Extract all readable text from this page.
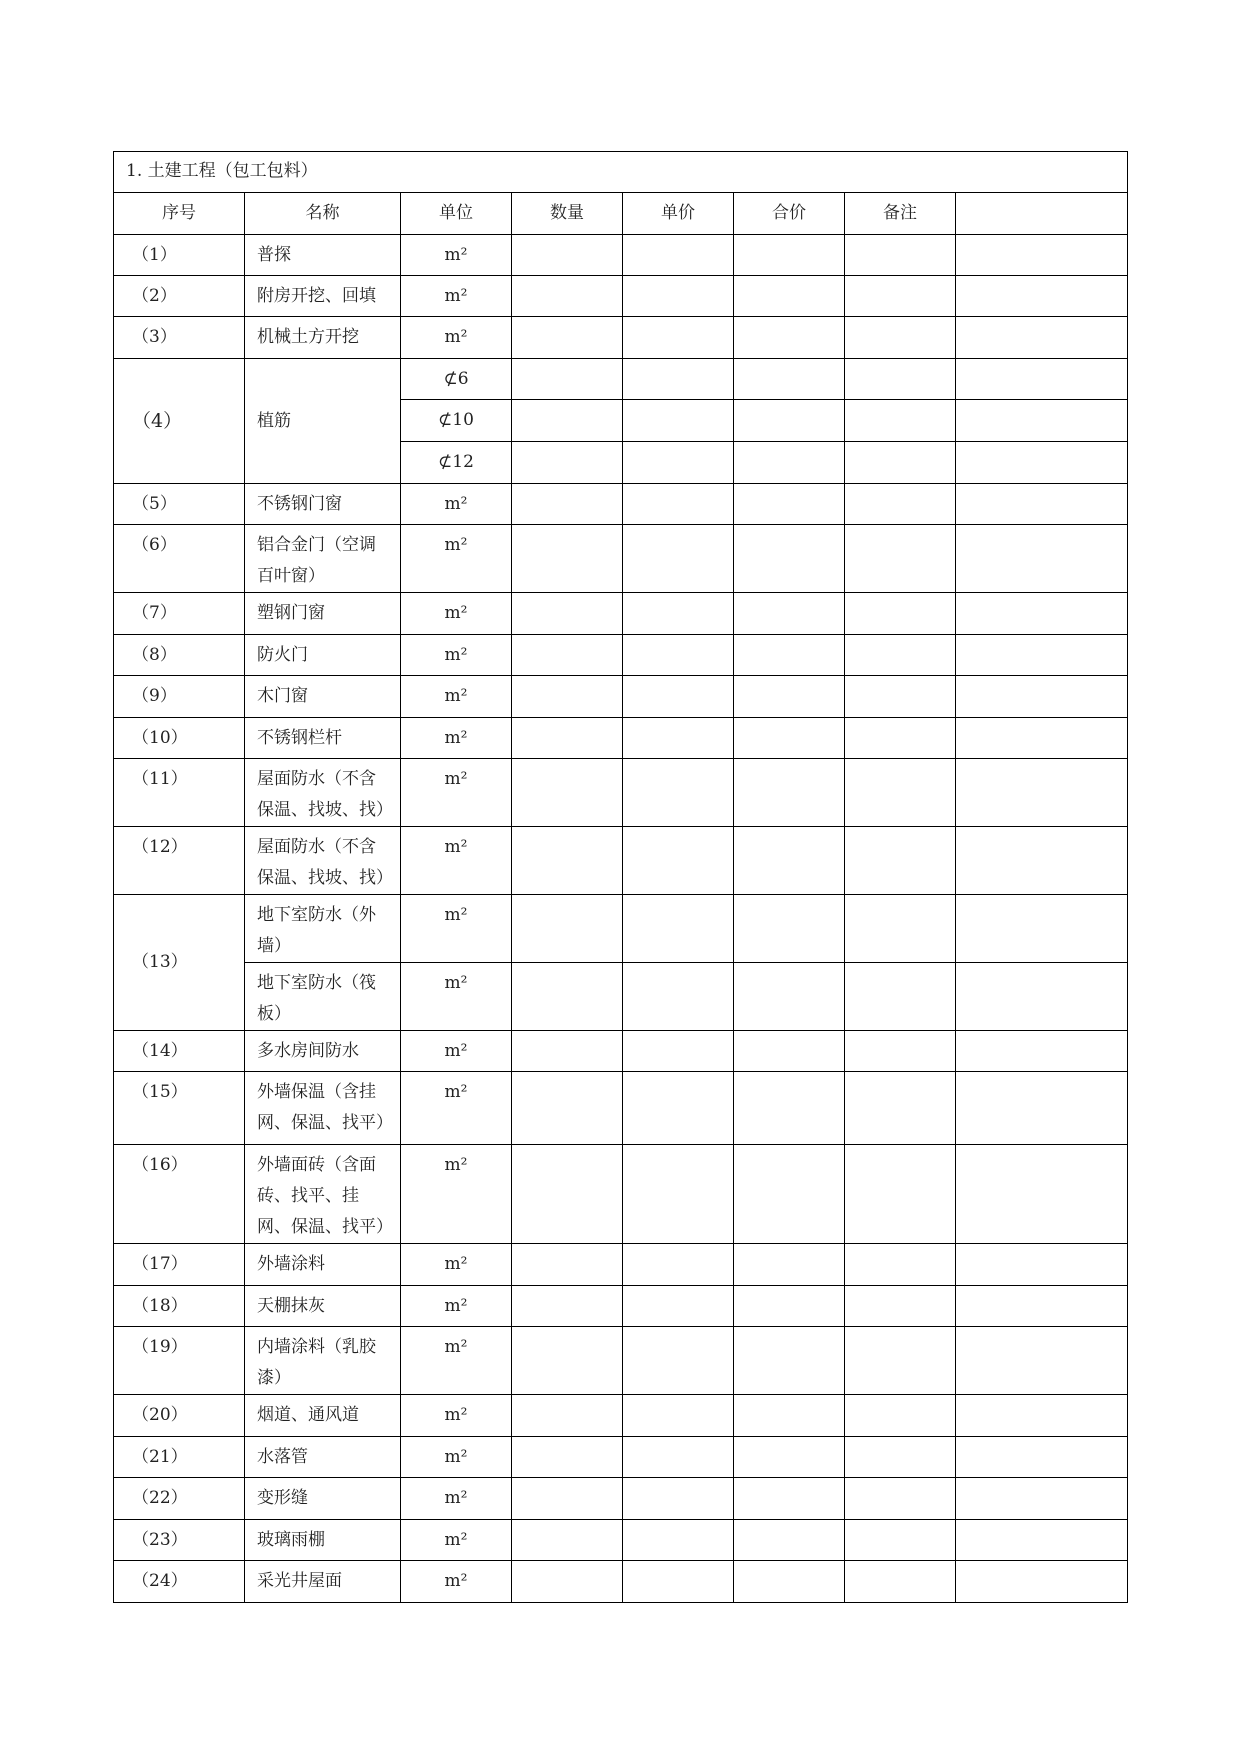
1. 土建工程（包工包料）							
序号	名称	单位	数量	单价	合价	备注	
（1）	普探	m²					
（2）	附房开挖、回填	m²					
（3）	机械土方开挖	m²					
（4）	植筋	⊄6					
		⊄10					
		⊄12					
（5）	不锈钢门窗	m²					
（6）	铝合金门（空调百叶窗）	m²					
（7）	塑钢门窗	m²					
（8）	防火门	m²					
（9）	木门窗	m²					
（10）	不锈钢栏杆	m²					
（11）	屋面防水（不含保温、找坡、找）	m²					
（12）	屋面防水（不含保温、找坡、找）	m²					
（13）	地下室防水（外墙）	m²					
	地下室防水（筏板）	m²					
（14）	多水房间防水	m²					
（15）	外墙保温（含挂网、保温、找平）	m²					
（16）	外墙面砖（含面砖、找平、挂网、保温、找平）	m²					
（17）	外墙涂料	m²					
（18）	天棚抹灰	m²					
（19）	内墙涂料（乳胶漆）	m²					
（20）	烟道、通风道	m²					
（21）	水落管	m²					
（22）	变形缝	m²					
（23）	玻璃雨棚	m²					
（24）	采光井屋面	m²					
